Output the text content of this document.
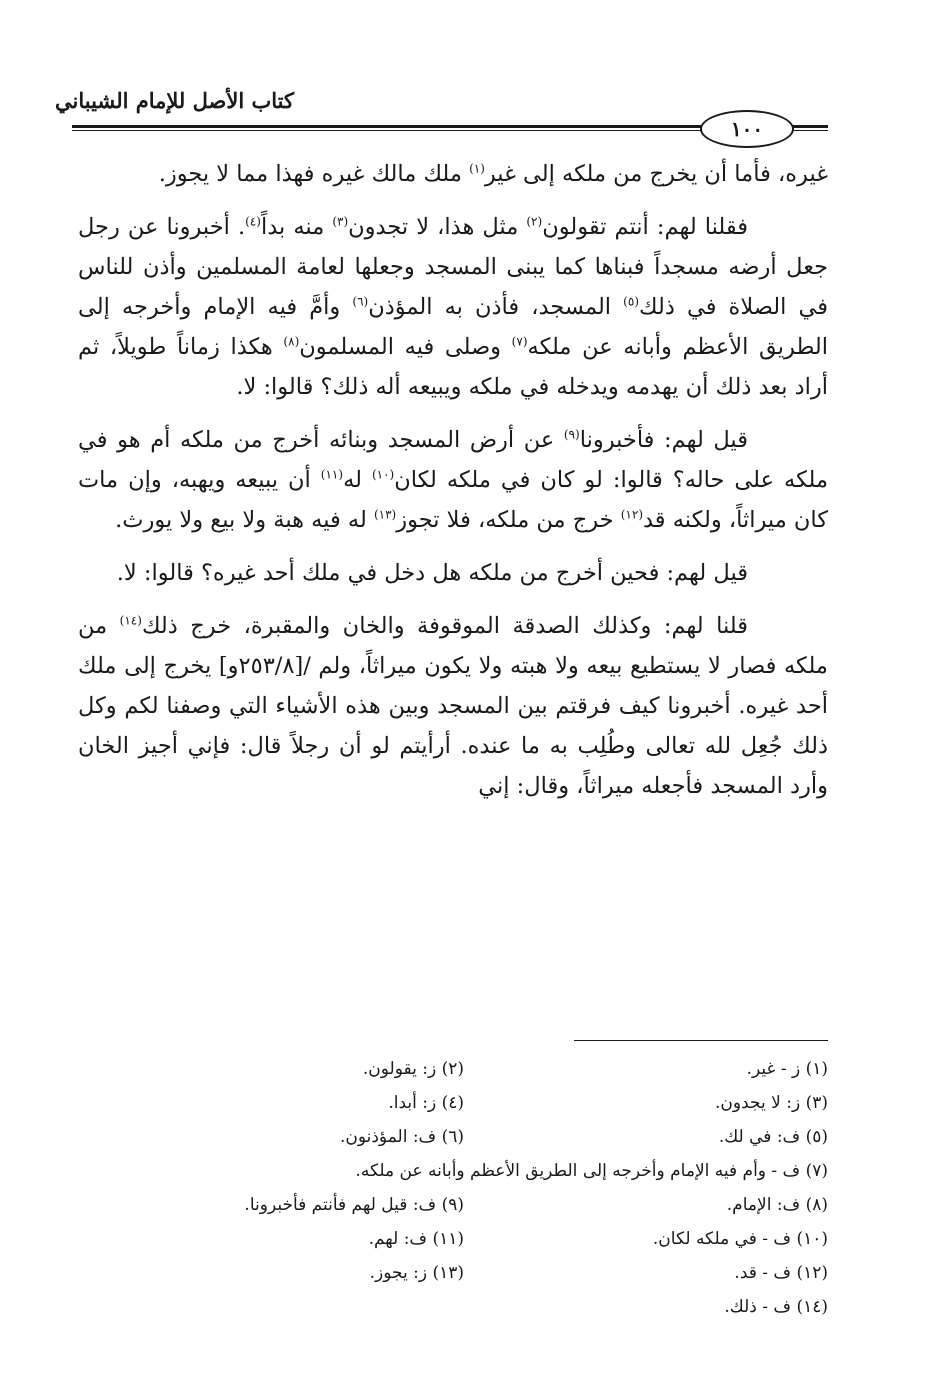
كتاب الأصل للإمام الشيباني
١٠٠

غيره، فأما أن يخرج من ملكه إلى غير$^{(١)}$ ملك مالك غيره فهذا مما لا يجوز.

فقلنا لهم: أنتم تقولون$^{(٢)}$ مثل هذا، لا تجدون$^{(٣)}$ منه بداً$^{(٤)}$. أخبرونا عن رجل جعل أرضه مسجداً فبناها كما يبنى المسجد وجعلها لعامة المسلمين وأذن للناس في الصلاة في ذلك$^{(٥)}$ المسجد، فأذن به المؤذن$^{(٦)}$ وأمَّ فيه الإمام وأخرجه إلى الطريق الأعظم وأبانه عن ملكه$^{(٧)}$ وصلى فيه المسلمون$^{(٨)}$ هكذا زماناً طويلاً، ثم أراد بعد ذلك أن يهدمه ويدخله في ملكه ويبيعه أله ذلك؟ قالوا: لا.

قيل لهم: فأخبرونا$^{(٩)}$ عن أرض المسجد وبنائه أخرج من ملكه أم هو في ملكه على حاله؟ قالوا: لو كان في ملكه لكان$^{(١٠)}$ له$^{(١١)}$ أن يبيعه ويهبه، وإن مات كان ميراثاً، ولكنه قد$^{(١٢)}$ خرج من ملكه، فلا تجوز$^{(١٣)}$ له فيه هبة ولا بيع ولا يورث.

قيل لهم: فحين أخرج من ملكه هل دخل في ملك أحد غيره؟ قالوا: لا.

قلنا لهم: وكذلك الصدقة الموقوفة والخان والمقبرة، خرج ذلك$^{(١٤)}$ من ملكه فصار لا يستطيع بيعه ولا هبته ولا يكون ميراثاً، ولم /[٢٥٣/٨و] يخرج إلى ملك أحد غيره. أخبرونا كيف فرقتم بين المسجد وبين هذه الأشياء التي وصفنا لكم وكل ذلك جُعِل لله تعالى وطُلِب به ما عنده. أرأيتم لو أن رجلاً قال: فإني أجيز الخان وأرد المسجد فأجعله ميراثاً، وقال: إني

(١) ز - غير.
(٢) ز: يقولون.
(٣) ز: لا يجدون.
(٤) ز: أبدا.
(٥) ف: في لك.
(٦) ف: المؤذنون.
(٧) ف - وأم فيه الإمام وأخرجه إلى الطريق الأعظم وأبانه عن ملكه.
(٨) ف: الإمام.
(٩) ف: قيل لهم فأنتم فأخبرونا.
(١٠) ف - في ملكه لكان.
(١١) ف: لهم.
(١٢) ف - قد.
(١٣) ز: يجوز.
(١٤) ف - ذلك.
